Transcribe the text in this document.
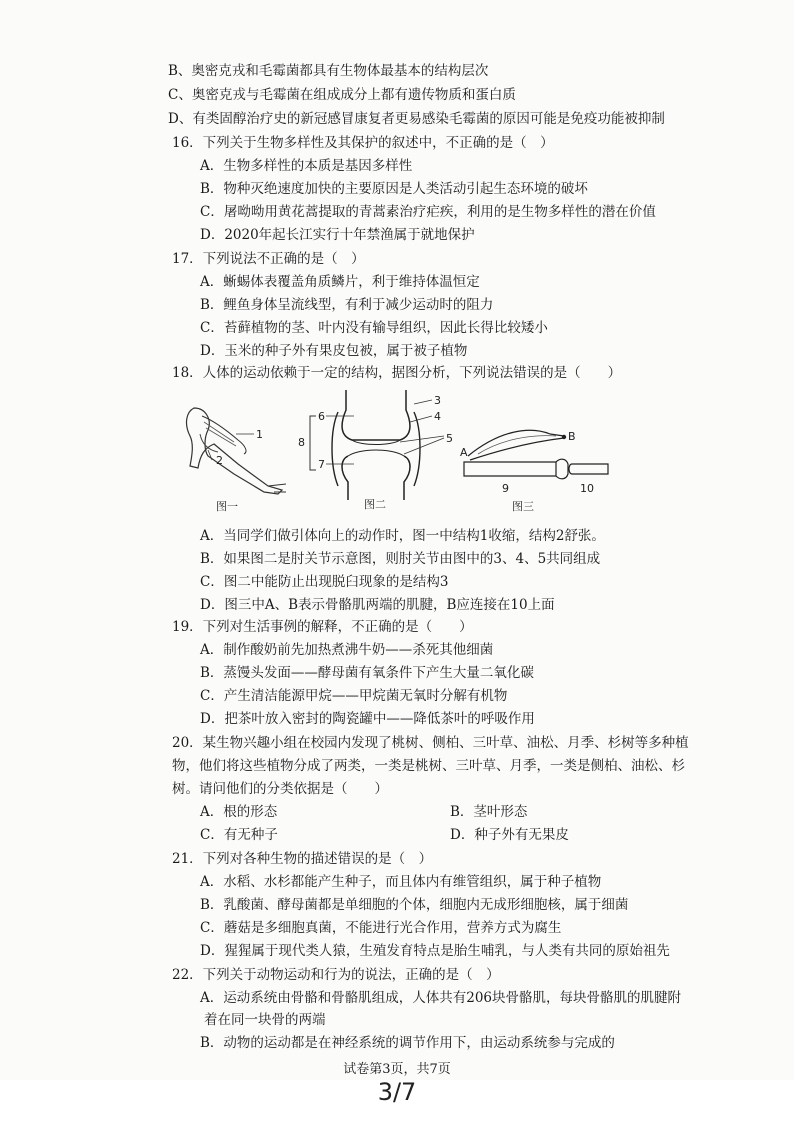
B、奥密克戎和毛霉菌都具有生物体最基本的结构层次
C、奥密克戎与毛霉菌在组成成分上都有遗传物质和蛋白质
D、有类固醇治疗史的新冠感冒康复者更易感染毛霉菌的原因可能是免疫功能被抑制
16．下列关于生物多样性及其保护的叙述中，不正确的是（　）
A．生物多样性的本质是基因多样性
B．物种灭绝速度加快的主要原因是人类活动引起生态环境的破坏
C．屠呦呦用黄花蒿提取的青蒿素治疗疟疾，利用的是生物多样性的潜在价值
D．2020年起长江实行十年禁渔属于就地保护
17．下列说法不正确的是（　）
A．蜥蜴体表覆盖角质鳞片，利于维持体温恒定
B．鲤鱼身体呈流线型，有利于减少运动时的阻力
C．苔藓植物的茎、叶内没有输导组织，因此长得比较矮小
D．玉米的种子外有果皮包被，属于被子植物
18．人体的运动依赖于一定的结构，据图分析，下列说法错误的是（　　）
1
2
图一
3
4
5
8
6
7
图二
B
A
9	10
图三
A．当同学们做引体向上的动作时，图一中结构1收缩，结构2舒张。
B．如果图二是肘关节示意图，则肘关节由图中的3、4、5共同组成
C．图二中能防止出现脱臼现象的是结构3
D．图三中A、B表示骨骼肌两端的肌腱，B应连接在10上面
19．下列对生活事例的解释，不正确的是（　　）
A．制作酸奶前先加热煮沸牛奶——杀死其他细菌
B．蒸馒头发面——酵母菌有氧条件下产生大量二氧化碳
C．产生清洁能源甲烷——甲烷菌无氧时分解有机物
D．把茶叶放入密封的陶瓷罐中——降低茶叶的呼吸作用
20．某生物兴趣小组在校园内发现了桃树、侧柏、三叶草、油松、月季、杉树等多种植
物，他们将这些植物分成了两类，一类是桃树、三叶草、月季，一类是侧柏、油松、杉
树。请问他们的分类依据是（　　）
A．根的形态	B．茎叶形态
C．有无种子	D．种子外有无果皮
21．下列对各种生物的描述错误的是（　）
A．水稻、水杉都能产生种子，而且体内有维管组织，属于种子植物
B．乳酸菌、酵母菌都是单细胞的个体，细胞内无成形细胞核，属于细菌
C．蘑菇是多细胞真菌，不能进行光合作用，营养方式为腐生
D．猩猩属于现代类人猿，生殖发育特点是胎生哺乳，与人类有共同的原始祖先
22．下列关于动物运动和行为的说法，正确的是（　）
A．运动系统由骨骼和骨骼肌组成，人体共有206块骨骼肌，每块骨骼肌的肌腱附
着在同一块骨的两端
B．动物的运动都是在神经系统的调节作用下，由运动系统参与完成的
试卷第3页，共7页
3/7
